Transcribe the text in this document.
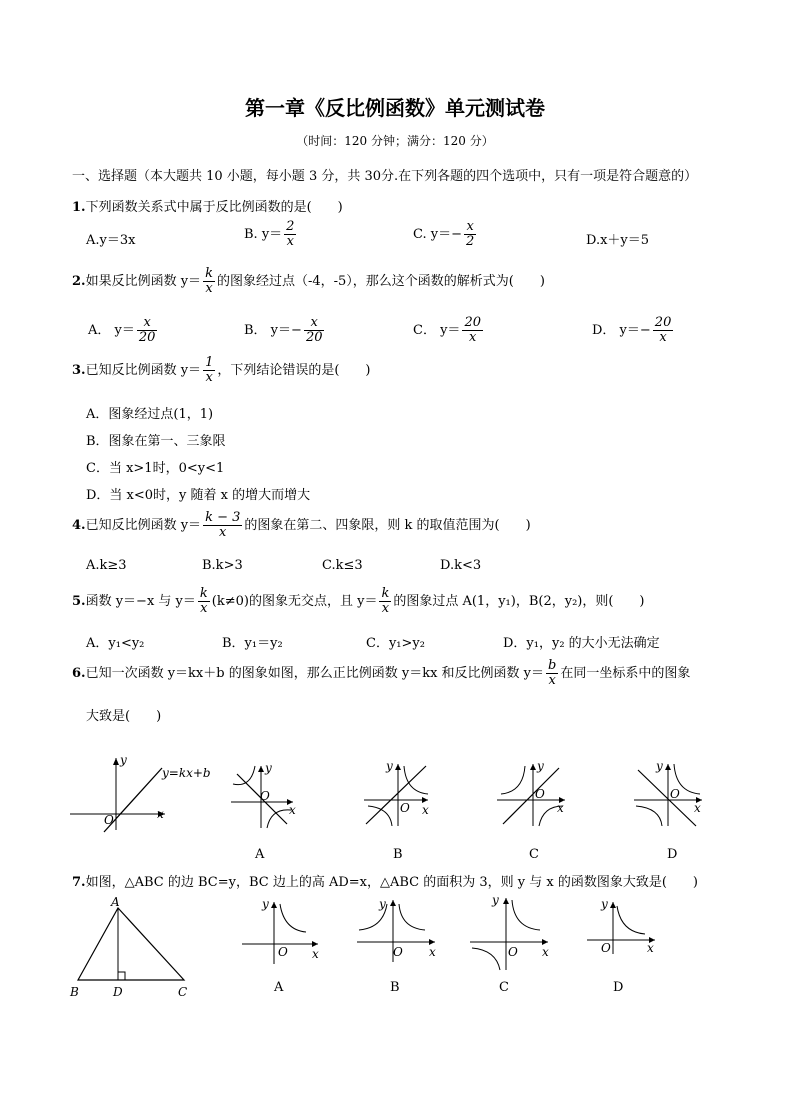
第一章《反比例函数》单元测试卷
（时间：120 分钟；满分：120 分）
一、选择题（本大题共 10 小题，每小题 3 分，共 30分.在下列各题的四个选项中，只有一项是符合题意的）
1.下列函数关系式中属于反比例函数的是(　　)
A.y＝3x	B. $y= \frac{2}{x}$	C. $y=- \frac{x}{2}$	D.x＋y＝5
2.如果反比例函数 $y= \frac{k}{x}$ 的图象经过点（-4，-5），那么这个函数的解析式为(　　)
A． $y= \frac{x}{20}$	B． $y=- \frac{x}{20}$	C． $y= \frac{20}{x}$	D． $y=- \frac{20}{x}$
3.已知反比例函数 $y= \frac{1}{x}$ ，下列结论错误的是(　　)
A．图象经过点(1，1)
B．图象在第一、三象限
C．当 x>1时，0<y<1
D．当 x<0时，y 随着 x 的增大而增大
4.已知反比例函数 $y= \frac{k - 3}{x}$ 的图象在第二、四象限，则 k 的取值范围为(　　)
A.k≥3	B.k>3	C.k≤3	D.k<3
5.函数 y＝−x 与 $y= \frac{k}{x} (k\ne 0)$的图象无交点，且 $y= \frac{k}{x}$ 的图象过点 A(1，y₁)，B(2，y₂)，则(　　)
A．y₁<y₂	B．y₁＝y₂	C．y₁>y₂	D．y₁，y₂ 的大小无法确定
6.已知一次函数 y＝kx＋b 的图象如图，那么正比例函数 y＝kx 和反比例函数 $y= \frac{b}{x}$ 在同一坐标系中的图象
大致是(　　)
y
x
O
y=kx+b	y
x
O
y
x
O
y
x
O
y
x
O
A	B	C	D
7.如图，△ABC 的边 BC=y，BC 边上的高 AD=x，△ABC 的面积为 3，则 y 与 x 的函数图象大致是(　　)
A
B	D	C
y
x
O
y
x
O
y
x
O
y
x
O
A	B	C	D
